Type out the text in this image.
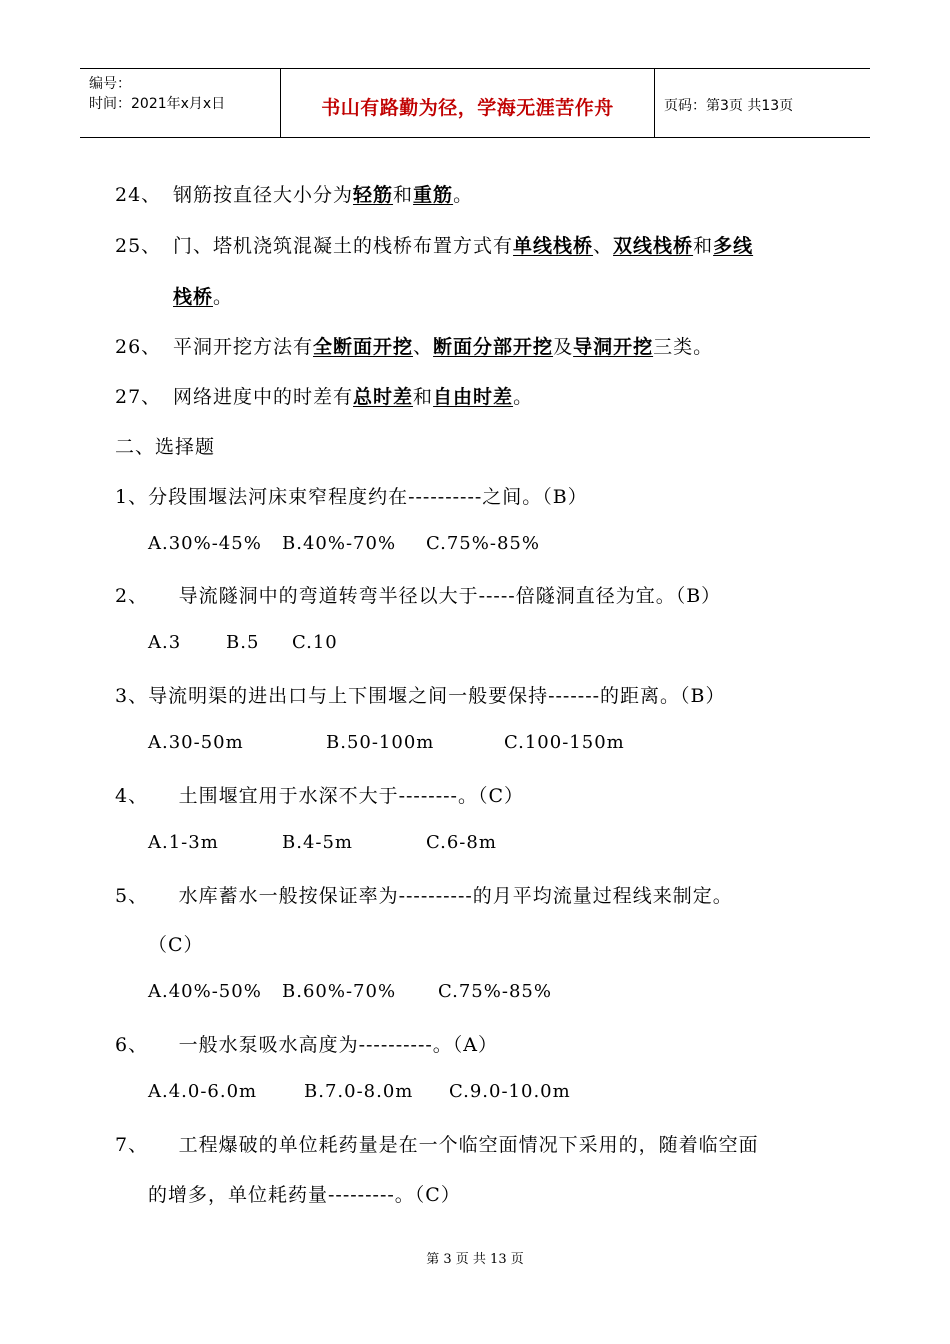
编号：
时间：2021年x月x日	书山有路勤为径，学海无涯苦作舟	页码：第3页 共13页
24、 钢筋按直径大小分为轻筋和重筋。
25、 门、塔机浇筑混凝土的栈桥布置方式有单线栈桥、双线栈桥和多线
栈桥。
26、 平洞开挖方法有全断面开挖、断面分部开挖及导洞开挖三类。
27、 网络进度中的时差有总时差和自由时差。
二、选择题
1、分段围堰法河床束窄程度约在----------之间。（B）
A.30%-45% B.40%-70% C.75%-85%
2、　　导流隧洞中的弯道转弯半径以大于-----倍隧洞直径为宜。（B）
A.3 B.5 C.10
3、导流明渠的进出口与上下围堰之间一般要保持-------的距离。（B）
A.30-50m	B.50-100m	C.100-150m
4、　　土围堰宜用于水深不大于--------。（C）
A.1-3m	B.4-5m	C.6-8m
5、　　水库蓄水一般按保证率为----------的月平均流量过程线来制定。
（C）
A.40%-50% B.60%-70% C.75%-85%
6、　　一般水泵吸水高度为----------。（A）
A.4.0-6.0m	B.7.0-8.0m C.9.0-10.0m
7、　　工程爆破的单位耗药量是在一个临空面情况下采用的，随着临空面
的增多，单位耗药量---------。（C）
第 3 页 共 13 页
